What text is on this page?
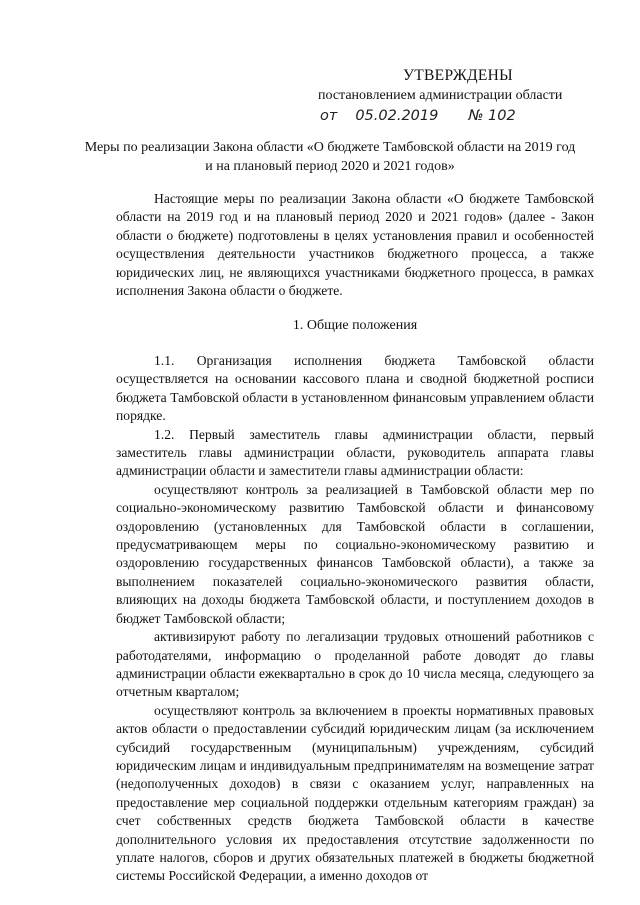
УТВЕРЖДЕНЫ
постановлением администрации области
от 05.02.2019 № 102
Меры по реализации Закона области «О бюджете Тамбовской области на 2019 год и на плановый период 2020 и 2021 годов»

Настоящие меры по реализации Закона области «О бюджете Тамбовской области на 2019 год и на плановый период 2020 и 2021 годов» (далее - Закон области о бюджете) подготовлены в целях установления правил и особенностей осуществления деятельности участников бюджетного процесса, а также юридических лиц, не являющихся участниками бюджетного процесса, в рамках исполнения Закона области о бюджете.

1. Общие положения

1.1. Организация исполнения бюджета Тамбовской области осуществляется на основании кассового плана и сводной бюджетной росписи бюджета Тамбовской области в установленном финансовым управлением области порядке.

1.2. Первый заместитель главы администрации области, первый заместитель главы администрации области, руководитель аппарата главы администрации области и заместители главы администрации области:

осуществляют контроль за реализацией в Тамбовской области мер по социально-экономическому развитию Тамбовской области и финансовому оздоровлению (установленных для Тамбовской области в соглашении, предусматривающем меры по социально-экономическому развитию и оздоровлению государственных финансов Тамбовской области), а также за выполнением показателей социально-экономического развития области, влияющих на доходы бюджета Тамбовской области, и поступлением доходов в бюджет Тамбовской области;

активизируют работу по легализации трудовых отношений работников с работодателями, информацию о проделанной работе доводят до главы администрации области ежеквартально в срок до 10 числа месяца, следующего за отчетным кварталом;

осуществляют контроль за включением в проекты нормативных правовых актов области о предоставлении субсидий юридическим лицам (за исключением субсидий государственным (муниципальным) учреждениям, субсидий юридическим лицам и индивидуальным предпринимателям на возмещение затрат (недополученных доходов) в связи с оказанием услуг, направленных на предоставление мер социальной поддержки отдельным категориям граждан) за счет собственных средств бюджета Тамбовской области в качестве дополнительного условия их предоставления отсутствие задолженности по уплате налогов, сборов и других обязательных платежей в бюджеты бюджетной системы Российской Федерации, а именно доходов от
